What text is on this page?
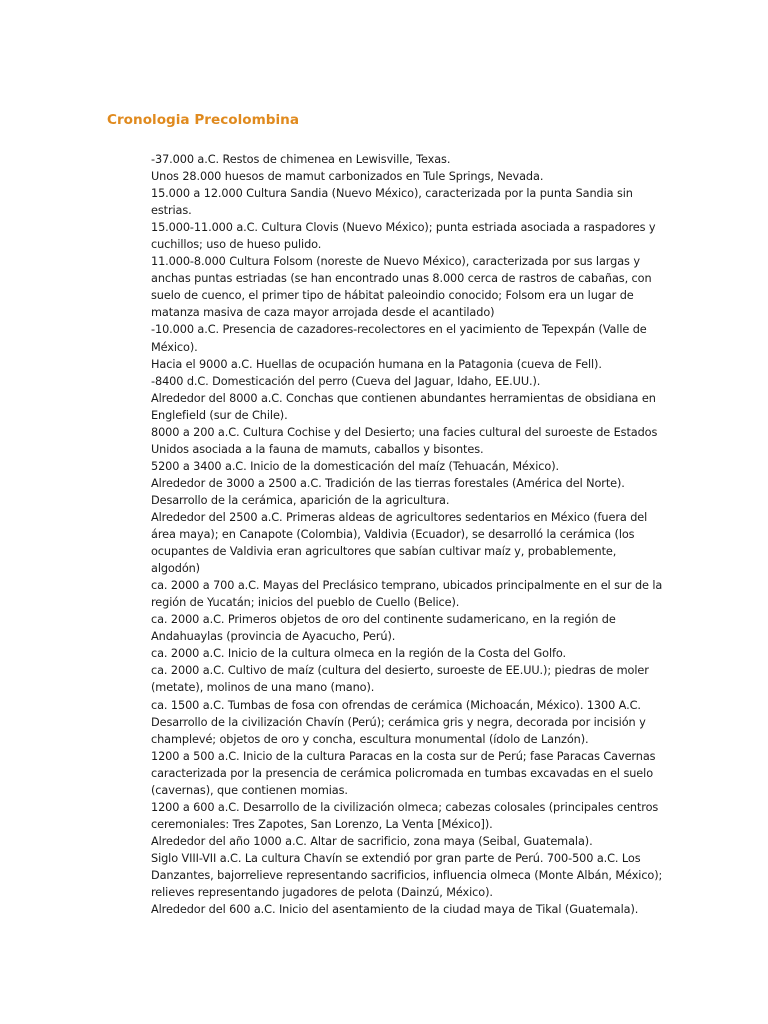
Cronologia Precolombina
-37.000 a.C. Restos de chimenea en Lewisville, Texas.
Unos 28.000 huesos de mamut carbonizados en Tule Springs, Nevada.
15.000 a 12.000 Cultura Sandia (Nuevo México), caracterizada por la punta Sandia sin
estrias.
15.000-11.000 a.C. Cultura Clovis (Nuevo México); punta estriada asociada a raspadores y
cuchillos; uso de hueso pulido.
11.000-8.000 Cultura Folsom (noreste de Nuevo México), caracterizada por sus largas y
anchas puntas estriadas (se han encontrado unas 8.000 cerca de rastros de cabañas, con
suelo de cuenco, el primer tipo de hábitat paleoindio conocido; Folsom era un lugar de
matanza masiva de caza mayor arrojada desde el acantilado)
-10.000 a.C. Presencia de cazadores-recolectores en el yacimiento de Tepexpán (Valle de
México).
Hacia el 9000 a.C. Huellas de ocupación humana en la Patagonia (cueva de Fell).
-8400 d.C. Domesticación del perro (Cueva del Jaguar, Idaho, EE.UU.).
Alrededor del 8000 a.C. Conchas que contienen abundantes herramientas de obsidiana en
Englefield (sur de Chile).
8000 a 200 a.C. Cultura Cochise y del Desierto; una facies cultural del suroeste de Estados
Unidos asociada a la fauna de mamuts, caballos y bisontes.
5200 a 3400 a.C. Inicio de la domesticación del maíz (Tehuacán, México).
Alrededor de 3000 a 2500 a.C. Tradición de las tierras forestales (América del Norte).
Desarrollo de la cerámica, aparición de la agricultura.
Alrededor del 2500 a.C. Primeras aldeas de agricultores sedentarios en México (fuera del
área maya); en Canapote (Colombia), Valdivia (Ecuador), se desarrolló la cerámica (los
ocupantes de Valdivia eran agricultores que sabían cultivar maíz y, probablemente,
algodón)
ca. 2000 a 700 a.C. Mayas del Preclásico temprano, ubicados principalmente en el sur de la
región de Yucatán; inicios del pueblo de Cuello (Belice).
ca. 2000 a.C. Primeros objetos de oro del continente sudamericano, en la región de
Andahuaylas (provincia de Ayacucho, Perú).
ca. 2000 a.C. Inicio de la cultura olmeca en la región de la Costa del Golfo.
ca. 2000 a.C. Cultivo de maíz (cultura del desierto, suroeste de EE.UU.); piedras de moler
(metate), molinos de una mano (mano).
ca. 1500 a.C. Tumbas de fosa con ofrendas de cerámica (Michoacán, México). 1300 A.C.
Desarrollo de la civilización Chavín (Perú); cerámica gris y negra, decorada por incisión y
champlevé; objetos de oro y concha, escultura monumental (ídolo de Lanzón).
1200 a 500 a.C. Inicio de la cultura Paracas en la costa sur de Perú; fase Paracas Cavernas
caracterizada por la presencia de cerámica policromada en tumbas excavadas en el suelo
(cavernas), que contienen momias.
1200 a 600 a.C. Desarrollo de la civilización olmeca; cabezas colosales (principales centros
ceremoniales: Tres Zapotes, San Lorenzo, La Venta [México]).
Alrededor del año 1000 a.C. Altar de sacrificio, zona maya (Seibal, Guatemala).
Siglo VIII-VII a.C. La cultura Chavín se extendió por gran parte de Perú. 700-500 a.C. Los
Danzantes, bajorrelieve representando sacrificios, influencia olmeca (Monte Albán, México);
relieves representando jugadores de pelota (Dainzú, México).
Alrededor del 600 a.C. Inicio del asentamiento de la ciudad maya de Tikal (Guatemala).
